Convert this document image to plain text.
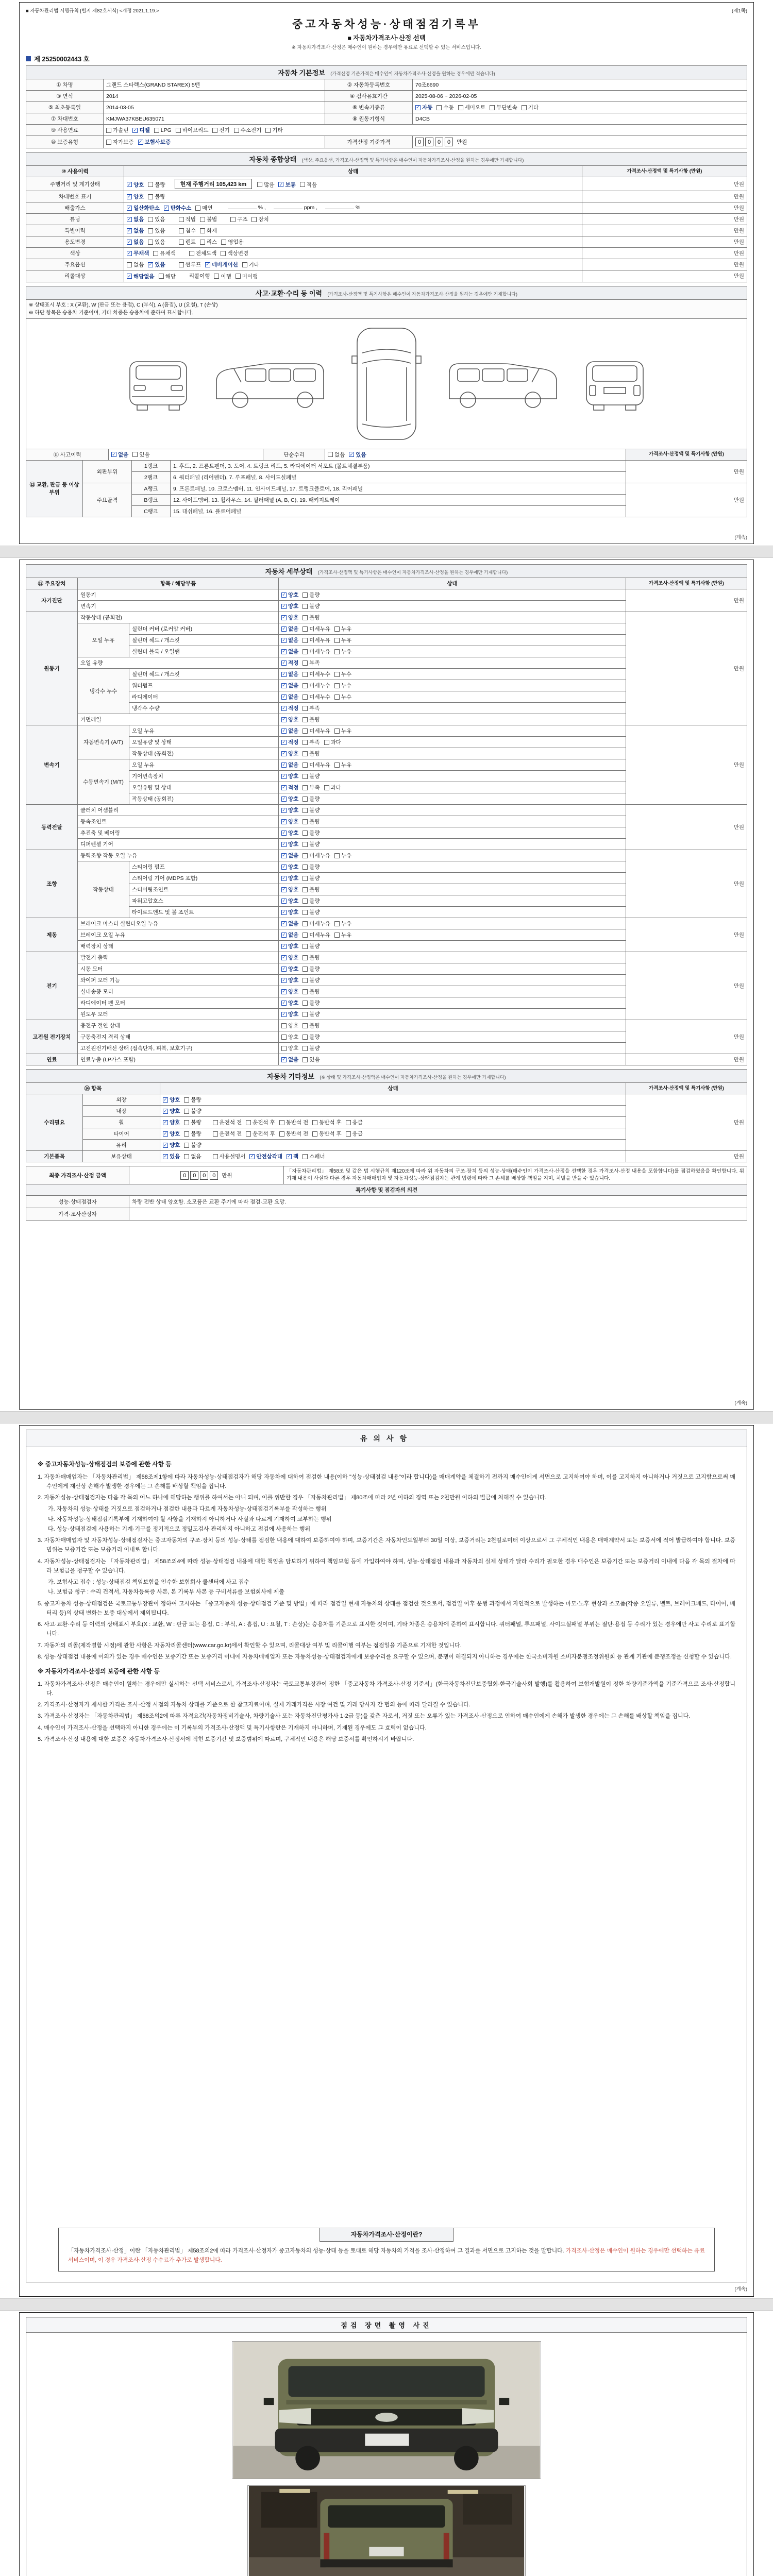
■ 자동차관리법 시행규칙 [별지 제82호서식] <개정 2021.1.19.>	(제1쪽)
중고자동차성능·상태점검기록부
■ 자동차가격조사·산정 선택
※ 자동차가격조사·산정은 매수인이 원하는 경우에만 유료로 선택할 수 있는 서비스입니다.
제 25250002443 호
자동차 기본정보 (가격산정 기준가격은 매수인이 자동차가격조사·산정을 원하는 경우에만 적습니다)
① 차명	그랜드 스타렉스(GRAND STAREX) 5밴	② 자동차등록번호	70조6690
③ 연식	2014	④ 검사유효기간	2025-08-06 ~ 2026-02-05
⑤ 최초등록일	2014-03-05	⑥ 변속기종류	✓ 자동 수동 세미오토 무단변속 기타

⑦ 차대번호	KMJWA37KBEU635071	⑧ 원동기형식	D4CB
⑨ 사용연료	가솔린 ✓ 디젤 LPG 하이브리드 전기 수소전기 기타

⑩ 보증유형	자가보증 ✓ 보험사보증	가격산정 기준가격	0 0 0 0 만원
자동차 종합상태 (색상, 주요옵션, 가격조사·산정액 및 특기사항은 매수인이 자동차가격조사·산정을 원하는 경우에만 기재합니다)
⑩ 사용이력	상태	가격조사·산정액 및 특기사항 (만원)
주행거리 및 계기상태	✓ 양호 불량	현재 주행거리 105,423 km	많음 ✓ 보통 적음	만원
차대번호 표기	✓ 양호 불량	만원
배출가스	✓ 일산화탄소 ✓ 탄화수소 매연	% ,	ppm ,	%	만원
튜닝	✓ 없음 있음	적법 불법	구조 장치	만원
특별이력	✓ 없음 있음 침수 화재	만원
용도변경	✓ 없음 있음	렌트 리스 영업용	만원
색상	✓ 무채색 유채색 전체도색 색상변경	만원
주요옵션	없음 ✓ 있음	썬루프 ✓ 네비게이션 기타	만원
리콜대상	✓ 해당없음 해당 리콜이행 이행 미이행	만원
사고·교환·수리 등 이력 (가격조사·산정액 및 특기사항은 매수인이 자동차가격조사·산정을 원하는 경우에만 기재합니다)
※ 상태표시 부호 : X (교환), W (판금 또는 용접), C (부식), A (흠집), U (요철), T (손상)
※ 하단 항목은 승용차 기준이며, 기타 차종은 승용차에 준하여 표시합니다.

⑪ 사고이력	✓ 없음 있음	단순수리	없음 ✓ 있음	가격조사·산정액 및 특기사항 (만원)
⑫ 교환, 판금 등 이상 부위	외판부위	1랭크	1. 후드, 2. 프론트펜더, 3. 도어, 4. 트렁크 리드, 5. 라디에이터 서포트 (볼트체결부품)	만원
		2랭크	6. 쿼터패널 (리어펜더), 7. 루프패널, 8. 사이드실패널	
	주요골격	A랭크	9. 프론트패널, 10. 크로스멤버, 11. 인사이드패널, 17. 트렁크플로어, 18. 리어패널	만원
		B랭크	12. 사이드멤버, 13. 휠하우스, 14. 필러패널 (A, B, C), 19. 패키지트레이	
		C랭크	15. 대쉬패널, 16. 플로어패널	
(계속)
자동차 세부상태 (가격조사·산정액 및 특기사항은 매수인이 자동차가격조사·산정을 원하는 경우에만 기재합니다)
⑬ 주요장치	항목 / 해당부품		상태	가격조사·산정액 및 특기사항 (만원)
자기진단	원동기		✓ 양호 불량	만원
	변속기		✓ 양호 불량	

원동기	작동상태 (공회전)		✓ 양호 불량	만원
	오일 누유	실린더 커버 (로커암 커버)	✓ 없음 미세누유 누유	

		실린더 헤드 / 개스킷	✓ 없음 미세누유 누유	

		실린더 블록 / 오일팬	✓ 없음 미세누유 누유	

	오일 유량		✓ 적정 부족	

	냉각수 누수	실린더 헤드 / 개스킷	✓ 없음 미세누수 누수	

		워터펌프	✓ 없음 미세누수 누수	

		라디에이터	✓ 없음 미세누수 누수	

		냉각수 수량	✓ 적정 부족	

	커먼레일		✓ 양호 불량	

변속기	자동변속기 (A/T)	오일 누유	✓ 없음 미세누유 누유	만원
		오일유량 및 상태	✓ 적정 부족 과다	

		작동상태 (공회전)	✓ 양호 불량	

	수동변속기 (M/T)	오일 누유	✓ 없음 미세누유 누유	

		기어변속장치	✓ 양호 불량	

		오일유량 및 상태	✓ 적정 부족 과다	

		작동상태 (공회전)	✓ 양호 불량	

동력전달	클러치 어셈블리		✓ 양호 불량	만원
	등속조인트		✓ 양호 불량	

	추진축 및 베어링		✓ 양호 불량	

	디퍼렌셜 기어		✓ 양호 불량	

조향	동력조향 작동 오일 누유		✓ 없음 미세누유 누유	만원
	작동상태	스티어링 펌프	✓ 양호 불량	

		스티어링 기어 (MDPS 포함)	✓ 양호 불량	

		스티어링조인트	✓ 양호 불량	

		파워고압호스	✓ 양호 불량	

		타이로드엔드 및 볼 조인트	✓ 양호 불량	

제동	브레이크 마스터 실린더오일 누유		✓ 없음 미세누유 누유	만원
	브레이크 오일 누유		✓ 없음 미세누유 누유	

	배력장치 상태		✓ 양호 불량	

전기	발전기 출력		✓ 양호 불량	만원
	시동 모터		✓ 양호 불량	

	와이퍼 모터 기능		✓ 양호 불량	

	실내송풍 모터		✓ 양호 불량	

	라디에이터 팬 모터		✓ 양호 불량	

	윈도우 모터		✓ 양호 불량	

고전원 전기장치	충전구 절연 상태		양호 불량	만원
	구동축전지 격리 상태		양호 불량	

	고전원전기배선 상태 (접속단자, 피복, 보호기구)		양호 불량	

연료	연료누출 (LP가스 포함)		✓ 없음 있음	만원
자동차 기타정보 (※ 상태 및 가격조사·산정액은 매수인이 자동차가격조사·산정을 원하는 경우에만 기재합니다)
⑭ 항목		상태	가격조사·산정액 및 특기사항 (만원)
수리필요	외장	✓ 양호 불량	만원
	내장	✓ 양호 불량	

휠	✓ 양호 불량	운전석 전 운전석 후 동반석 전 동반석 후 응급

타이어	✓ 양호 불량	운전석 전 운전석 후 동반석 전 동반석 후 응급

	유리	✓ 양호 불량	

기본품목	보유상태	✓ 있음 없음	사용설명서 ✓ 안전삼각대 ✓ 잭 스패너	만원
최종 가격조사·산정 금액	0 0 0 0 만원	「자동차관리법」 제58조 및 같은 법 시행규칙 제120조에 따라 위 자동차의 구조·장치 등의 성능·상태(매수인이 가격조사·산정을 선택한 경우 가격조사·산정 내용을 포함합니다)를 점검하였음을 확인합니다. 위 기재 내용이 사실과 다른 경우 자동차매매업자 및 자동차성능·상태점검자는 관계 법령에 따라 그 손해를 배상할 책임을 지며, 처벌을 받을 수 있습니다.
특기사항 및 점검자의 의견	
성능·상태점검자	차량 전반 상태 양호함. 소모품은 교환 주기에 따라 점검·교환 요망.
가격·조사산정자	
(계속)
유의사항
※ 중고자동차성능·상태점검의 보증에 관한 사항 등

1. 자동차매매업자는 「자동차관리법」 제58조제1항에 따라 자동차성능·상태점검자가 해당 자동차에 대하여 점검한 내용(이하 "성능·상태점검 내용"이라 합니다)을 매매계약을 체결하기 전까지 매수인에게 서면으로 고지하여야 하며, 이를 고지하지 아니하거나 거짓으로 고지함으로써 매수인에게 재산상 손해가 발생한 경우에는 그 손해를 배상할 책임을 집니다.

2. 자동차성능·상태점검자는 다음 각 목의 어느 하나에 해당하는 행위를 하여서는 아니 되며, 이를 위반한 경우 「자동차관리법」 제80조에 따라 2년 이하의 징역 또는 2천만원 이하의 벌금에 처해질 수 있습니다.

가. 자동차의 성능·상태를 거짓으로 점검하거나 점검한 내용과 다르게 자동차성능·상태점검기록부를 작성하는 행위

나. 자동차성능·상태점검기록부에 기재하여야 할 사항을 기재하지 아니하거나 사실과 다르게 기재하여 교부하는 행위

다. 성능·상태점검에 사용하는 기계·기구를 정기적으로 정밀도검사·관리하지 아니하고 점검에 사용하는 행위

3. 자동차매매업자 및 자동차성능·상태점검자는 중고자동차의 구조·장치 등의 성능·상태를 점검한 내용에 대하여 보증하여야 하며, 보증기간은 자동차인도일부터 30일 이상, 보증거리는 2천킬로미터 이상으로서 그 구체적인 내용은 매매계약서 또는 보증서에 적어 발급하여야 합니다. 보증범위는 보증기간 또는 보증거리 이내로 합니다.

4. 자동차성능·상태점검자는 「자동차관리법」 제58조의4에 따라 성능·상태점검 내용에 대한 책임을 담보하기 위하여 책임보험 등에 가입하여야 하며, 성능·상태점검 내용과 자동차의 실제 상태가 달라 수리가 필요한 경우 매수인은 보증기간 또는 보증거리 이내에 다음 각 목의 절차에 따라 보험금을 청구할 수 있습니다.

가. 보험사고 접수 : 성능·상태점검 책임보험을 인수한 보험회사 콜센터에 사고 접수

나. 보험금 청구 : 수리 견적서, 자동차등록증 사본, 본 기록부 사본 등 구비서류를 보험회사에 제출

5. 중고자동차 성능·상태점검은 국토교통부장관이 정하여 고시하는 「중고자동차 성능·상태점검 기준 및 방법」에 따라 점검일 현재 자동차의 상태를 점검한 것으로서, 점검일 이후 운행 과정에서 자연적으로 발생하는 마모·노후 현상과 소모품(각종 오일류, 벨트, 브레이크패드, 타이어, 배터리 등)의 상태 변화는 보증 대상에서 제외됩니다.

6. 사고·교환·수리 등 이력의 상태표시 부호(X : 교환, W : 판금 또는 용접, C : 부식, A : 흠집, U : 요철, T : 손상)는 승용차를 기준으로 표시한 것이며, 기타 차종은 승용차에 준하여 표시합니다. 쿼터패널, 루프패널, 사이드실패널 부위는 절단·용접 등 수리가 있는 경우에만 사고 수리로 표기합니다.

7. 자동차의 리콜(제작결함 시정)에 관한 사항은 자동차리콜센터(www.car.go.kr)에서 확인할 수 있으며, 리콜대상 여부 및 리콜이행 여부는 점검일을 기준으로 기재한 것입니다.

8. 성능·상태점검 내용에 이의가 있는 경우 매수인은 보증기간 또는 보증거리 이내에 자동차매매업자 또는 자동차성능·상태점검자에게 보증수리를 요구할 수 있으며, 분쟁이 해결되지 아니하는 경우에는 한국소비자원 소비자분쟁조정위원회 등 관계 기관에 분쟁조정을 신청할 수 있습니다.

※ 자동차가격조사·산정의 보증에 관한 사항 등

1. 자동차가격조사·산정은 매수인이 원하는 경우에만 실시하는 선택 서비스로서, 가격조사·산정자는 국토교통부장관이 정한 「중고자동차 가격조사·산정 기준서」(한국자동차진단보증협회·한국기술사회 발행)를 활용하여 보험개발원이 정한 차량기준가액을 기준가격으로 조사·산정합니다.

2. 가격조사·산정자가 제시한 가격은 조사·산정 시점의 자동차 상태를 기준으로 한 참고자료이며, 실제 거래가격은 시장 여건 및 거래 당사자 간 협의 등에 따라 달라질 수 있습니다.

3. 가격조사·산정자는 「자동차관리법」 제58조의2에 따른 자격요건(자동차정비기술사, 차량기술사 또는 자동차진단평가사 1·2급 등)을 갖춘 자로서, 거짓 또는 오류가 있는 가격조사·산정으로 인하여 매수인에게 손해가 발생한 경우에는 그 손해를 배상할 책임을 집니다.

4. 매수인이 가격조사·산정을 선택하지 아니한 경우에는 이 기록부의 가격조사·산정액 및 특기사항란은 기재하지 아니하며, 기재된 경우에도 그 효력이 없습니다.

5. 가격조사·산정 내용에 대한 보증은 자동차가격조사·산정서에 적힌 보증기간 및 보증범위에 따르며, 구체적인 내용은 해당 보증서를 확인하시기 바랍니다.

자동차가격조사·산정이란?
「자동차가격조사·산정」이란 「자동차관리법」 제58조의2에 따라 가격조사·산정자가 중고자동차의 성능·상태 등을 토대로 해당 자동차의 가격을 조사·산정하여 그 결과를 서면으로 고지하는 것을 말합니다. 가격조사·산정은 매수인이 원하는 경우에만 선택하는 유료 서비스이며, 이 경우 가격조사·산정 수수료가 추가로 발생합니다.
(계속)
점검 장면 촬영 사진
